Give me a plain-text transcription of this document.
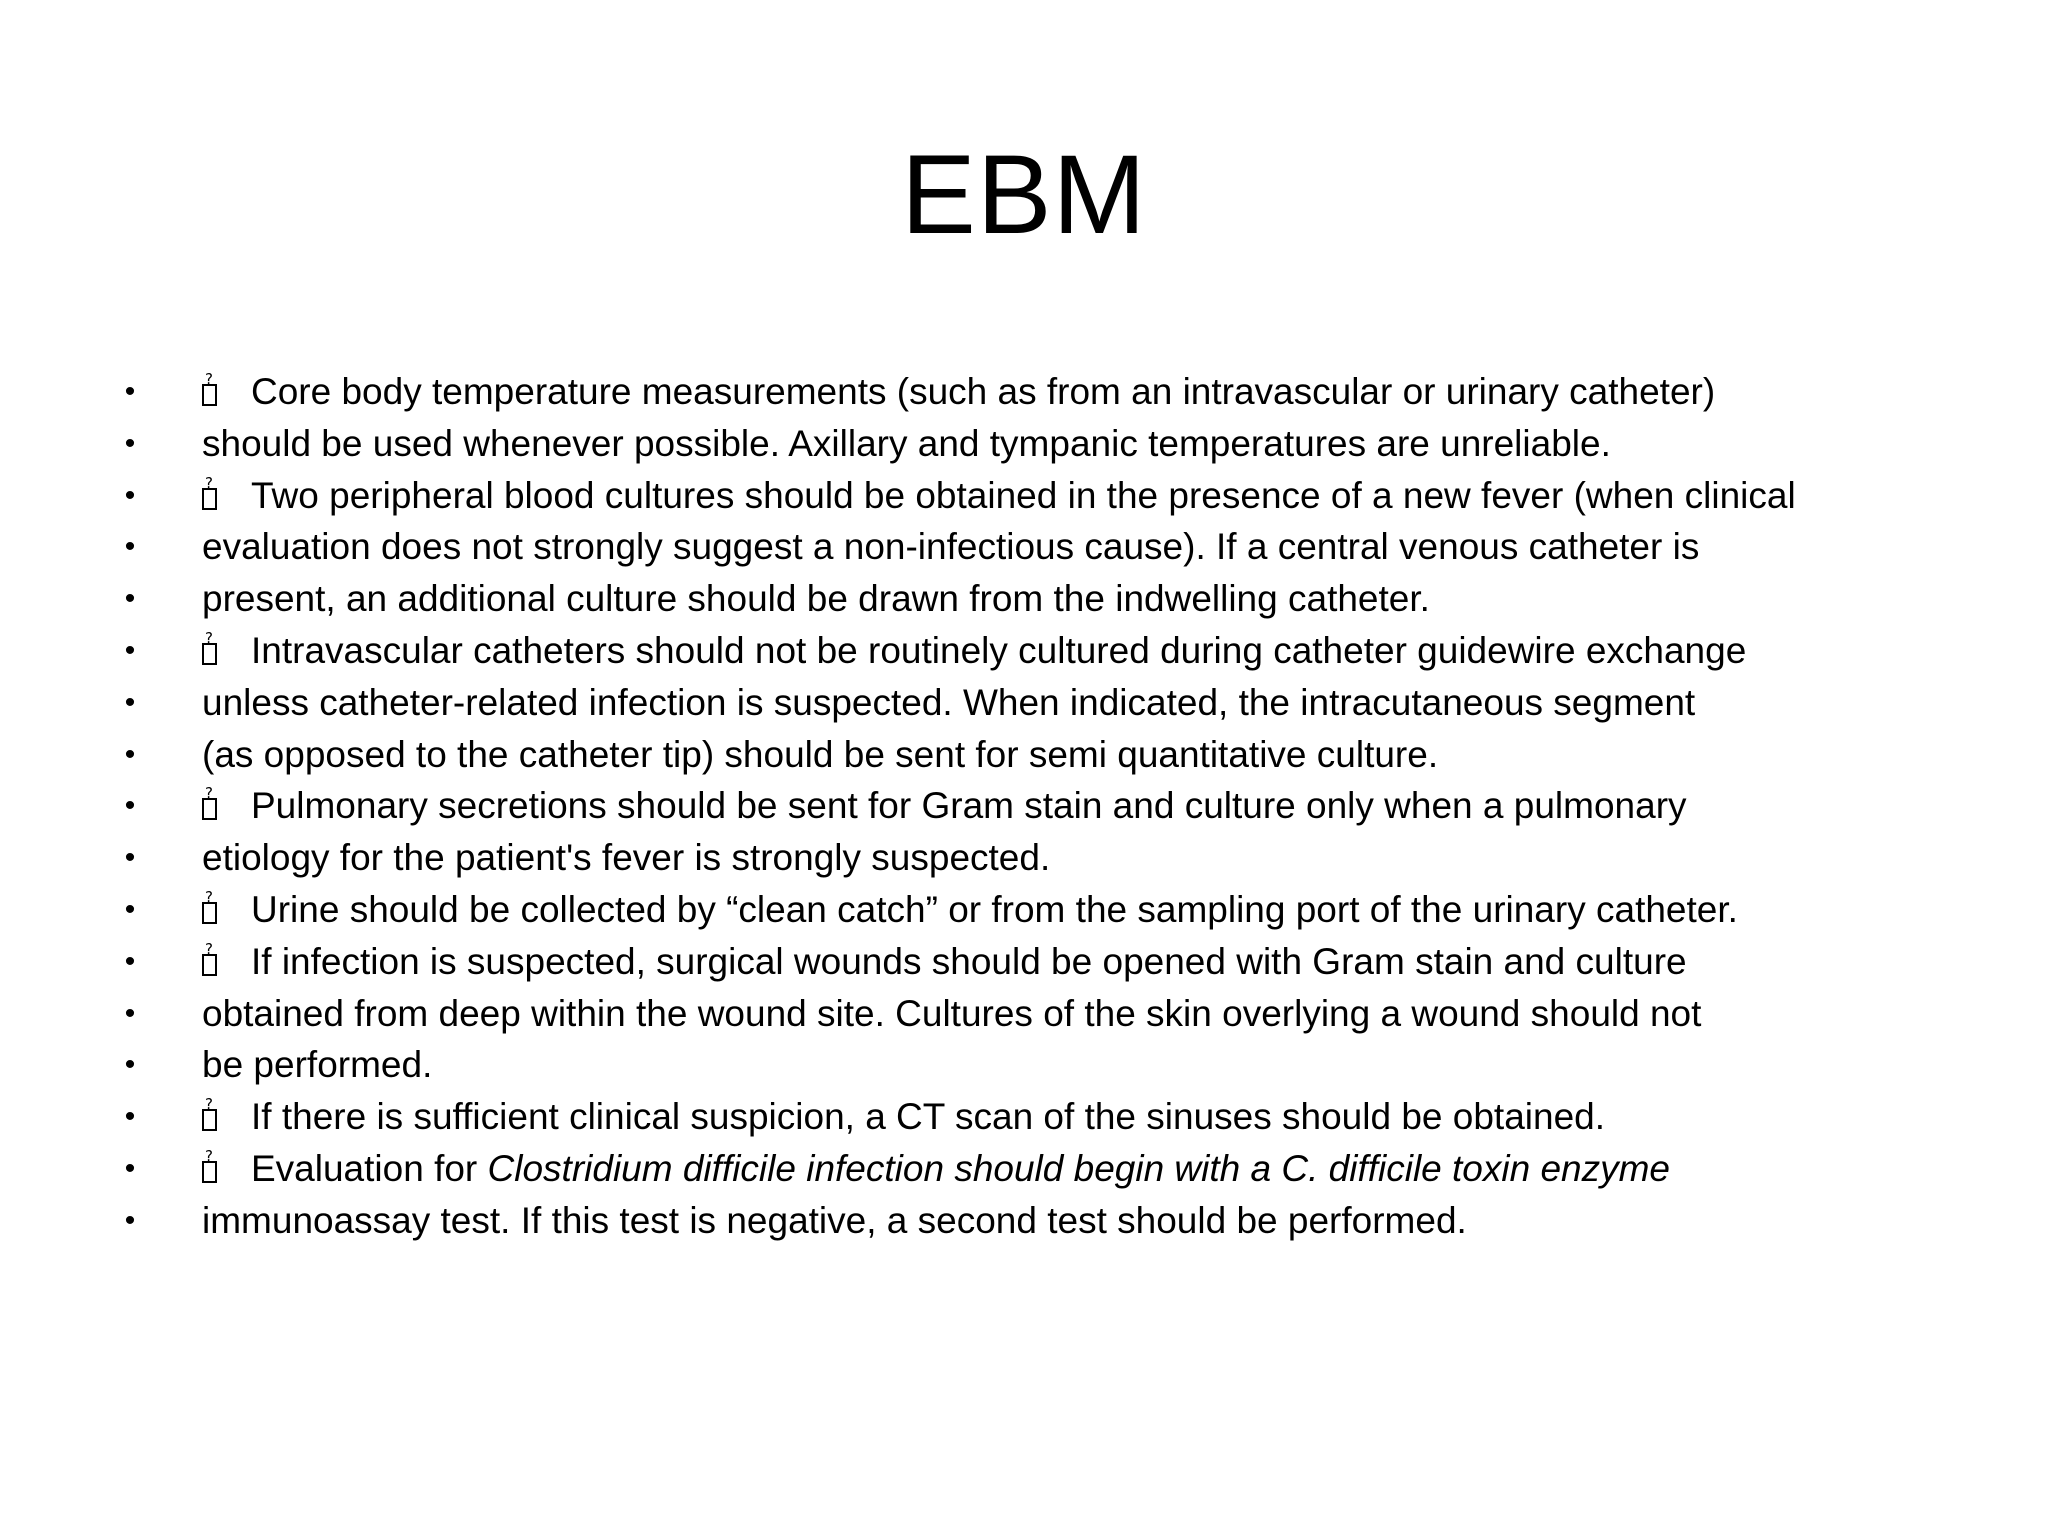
EBM
• ?	Core body temperature measurements (such as from an intravascular or urinary catheter)
• should be used whenever possible. Axillary and tympanic temperatures are unreliable.
• ?	Two peripheral blood cultures should be obtained in the presence of a new fever (when clinical
• evaluation does not strongly suggest a non-infectious cause). If a central venous catheter is
• present, an additional culture should be drawn from the indwelling catheter.
• ?	Intravascular catheters should not be routinely cultured during catheter guidewire exchange
• unless catheter-related infection is suspected. When indicated, the intracutaneous segment
• (as opposed to the catheter tip) should be sent for semi quantitative culture.
• ?	Pulmonary secretions should be sent for Gram stain and culture only when a pulmonary
• etiology for the patient's fever is strongly suspected.
• ?	Urine should be collected by “clean catch” or from the sampling port of the urinary catheter.
• ?	If infection is suspected, surgical wounds should be opened with Gram stain and culture
• obtained from deep within the wound site. Cultures of the skin overlying a wound should not
• be performed.
• ?	If there is sufficient clinical suspicion, a CT scan of the sinuses should be obtained.
• ?	Evaluation for Clostridium difficile infection should begin with a C. difficile toxin enzyme
• immunoassay test. If this test is negative, a second test should be performed.
